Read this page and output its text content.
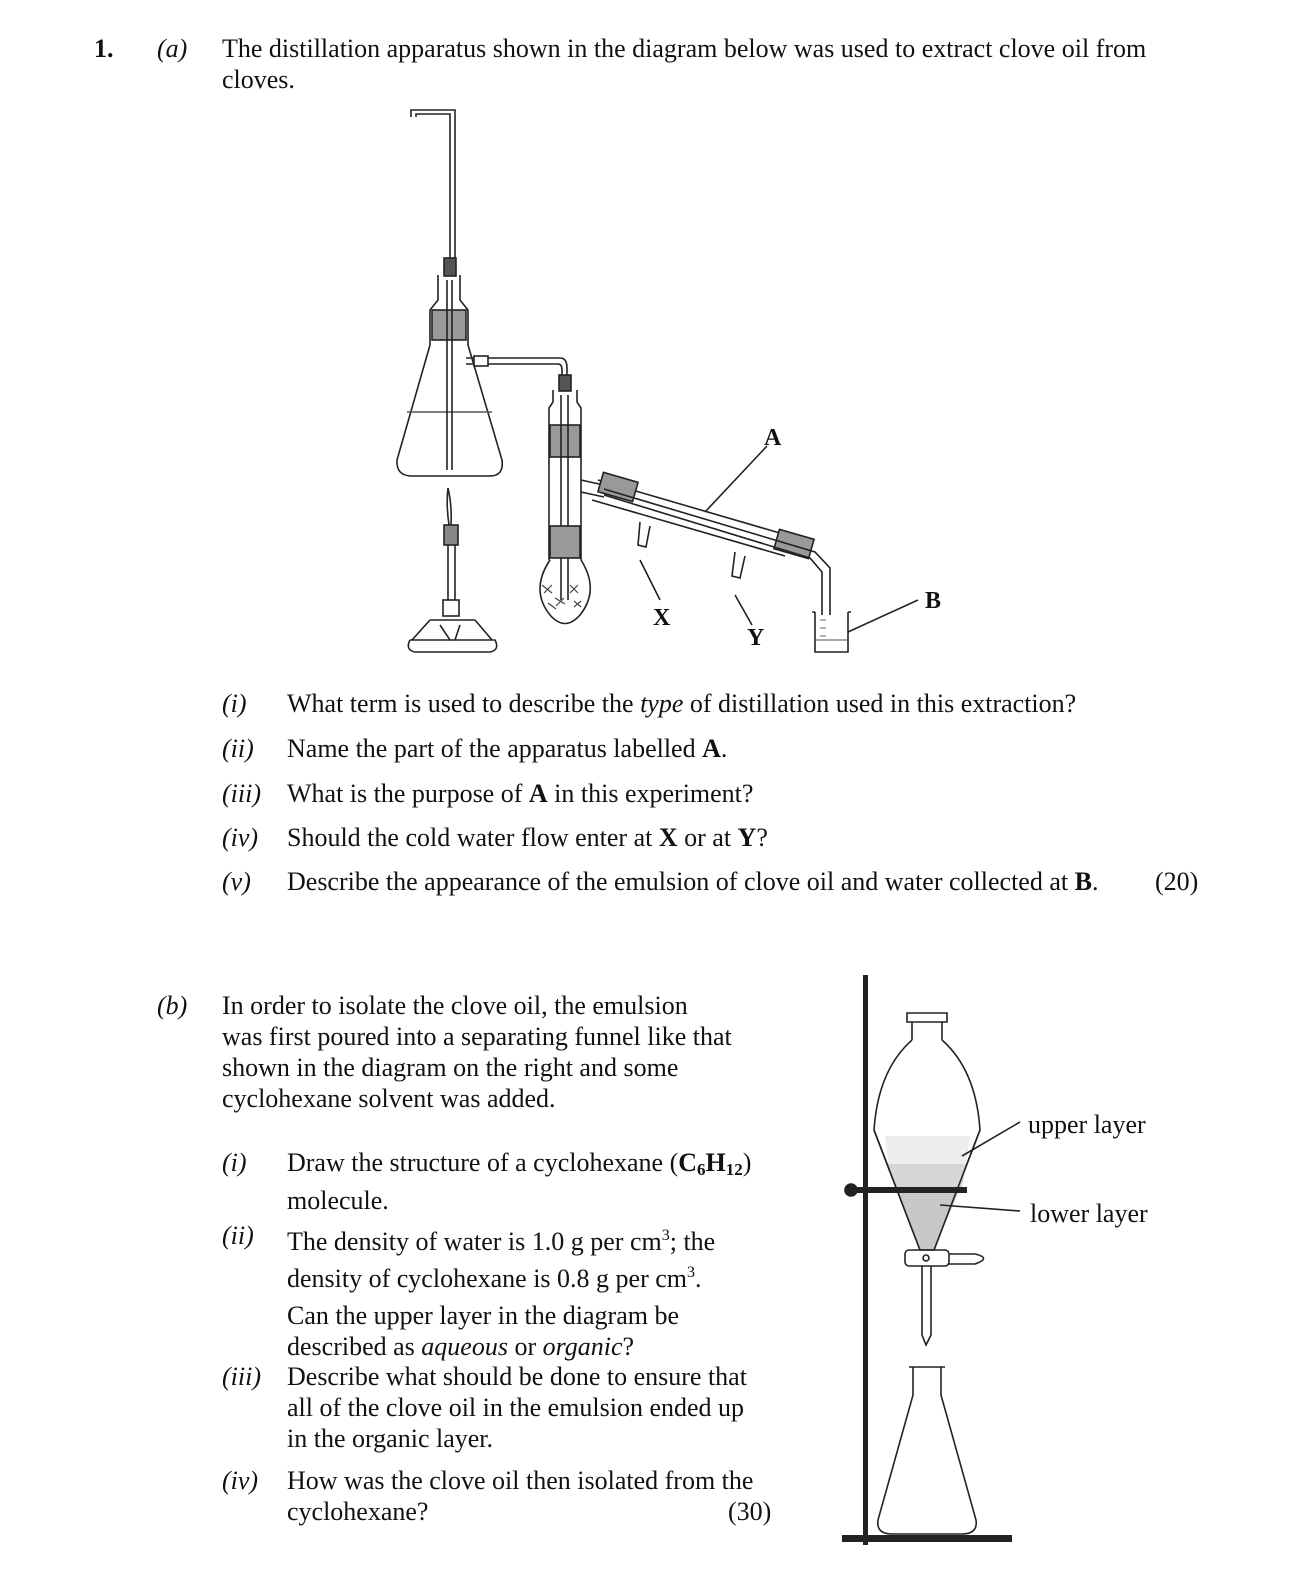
1. (a) The distillation apparatus shown in the diagram below was used to extract clove oil from cloves.
A
B
X
Y
(i) What term is used to describe the type of distillation used in this extraction?
(ii) Name the part of the apparatus labelled A.
(iii) What is the purpose of A in this experiment?
(iv) Should the cold water flow enter at X or at Y?
(v) Describe the appearance of the emulsion of clove oil and water collected at B. (20)
(b) In order to isolate the clove oil, the emulsion
was first poured into a separating funnel like that
shown in the diagram on the right and some
cyclohexane solvent was added.
(i) Draw the structure of a cyclohexane $(C_6H_{12})$
molecule.
(ii) The density of water is 1.0 g per $cm^3$; the
density of cyclohexane is 0.8 g per $cm^3$.
Can the upper layer in the diagram be
described as aqueous or organic?
(iii) Describe what should be done to ensure that
all of the clove oil in the emulsion ended up
in the organic layer.
(iv) How was the clove oil then isolated from the
cyclohexane?	(30)
upper layer
lower layer
